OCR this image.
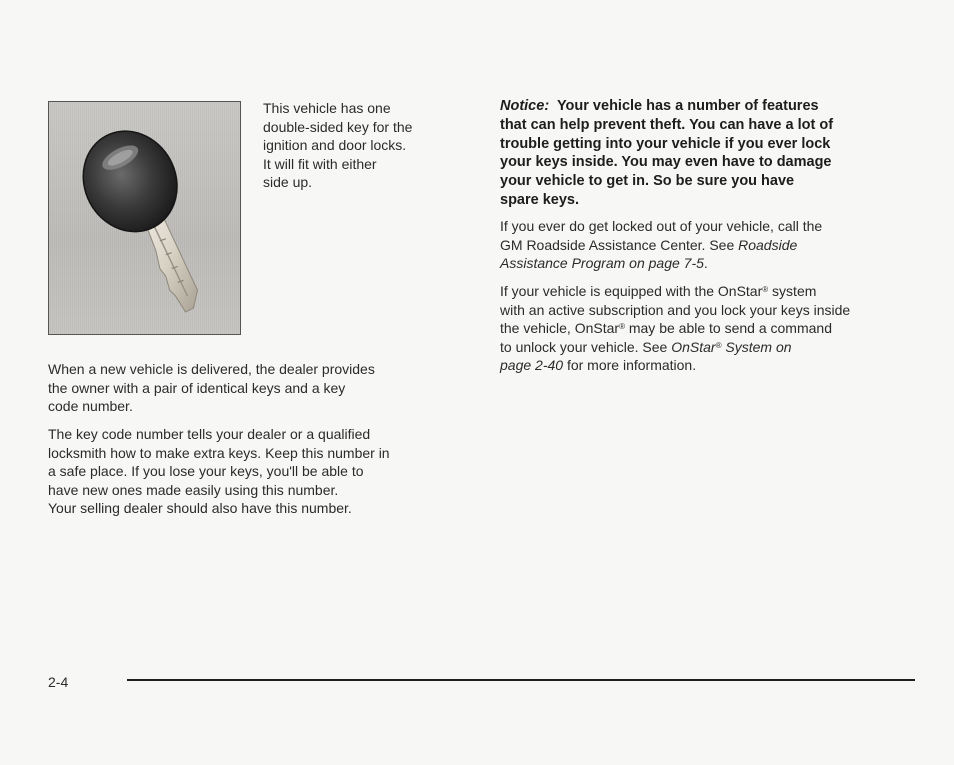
This vehicle has one
double-sided key for the
ignition and door locks.
It will fit with either
side up.
When a new vehicle is delivered, the dealer provides
the owner with a pair of identical keys and a key
code number.
The key code number tells your dealer or a qualified
locksmith how to make extra keys. Keep this number in
a safe place. If you lose your keys, you'll be able to
have new ones made easily using this number.
Your selling dealer should also have this number.
Notice: Your vehicle has a number of features
that can help prevent theft. You can have a lot of
trouble getting into your vehicle if you ever lock
your keys inside. You may even have to damage
your vehicle to get in. So be sure you have
spare keys.
If you ever do get locked out of your vehicle, call the
GM Roadside Assistance Center. See Roadside
Assistance Program on page 7-5.
If your vehicle is equipped with the OnStar® system
with an active subscription and you lock your keys inside
the vehicle, OnStar® may be able to send a command
to unlock your vehicle. See OnStar® System on
page 2-40 for more information.
2-4
